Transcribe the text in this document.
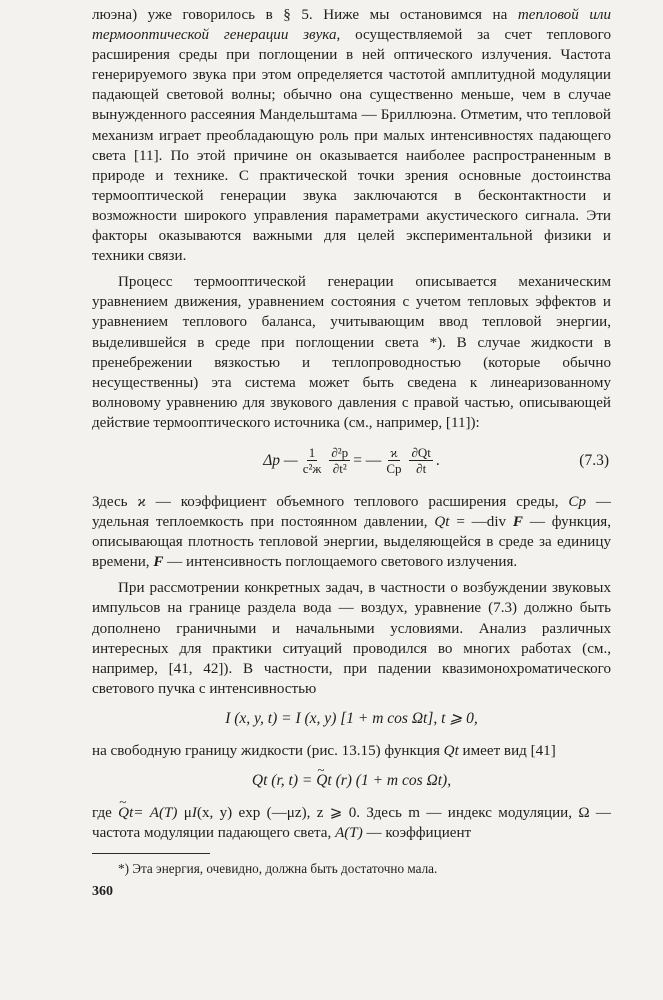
люэна) уже говорилось в § 5. Ниже мы остановимся на тепловой или термооптической генерации звука, осуществляемой за счет теплового расширения среды при поглощении в ней оптического излучения. Частота генерируемого звука при этом определяется частотой амплитудной модуляции падающей световой волны; обычно она существенно меньше, чем в случае вынужденного рассеяния Мандельштама — Бриллюэна. Отметим, что тепловой механизм играет преобладающую роль при малых интенсивностях падающего света [11]. По этой причине он оказывается наиболее распространенным в природе и технике. С практической точки зрения основные достоинства термооптической генерации звука заключаются в бесконтактности и возможности широкого управления параметрами акустического сигнала. Эти факторы оказываются важными для целей экспериментальной физики и техники связи.

Процесс термооптической генерации описывается механическим уравнением движения, уравнением состояния с учетом тепловых эффектов и уравнением теплового баланса, учитывающим ввод тепловой энергии, выделившейся в среде при поглощении света *). В случае жидкости в пренебрежении вязкостью и теплопроводностью (которые обычно несущественны) эта система может быть сведена к линеаризованному волновому уравнению для звукового давления с правой частью, описывающей действие термооптического источника (см., например, [11]):

Δp — $\frac{1}{\text{c²ж}} \frac{\text{∂²p}}{\text{∂t²}}$ = — $\frac{ϰ}{Cp} \frac{\partial Qt}{\partial t}$ .	(7.3)

Здесь ϰ — коэффициент объемного теплового расширения среды, Cp — удельная теплоемкость при постоянном давлении, Qt = —div F — функция, описывающая плотность тепловой энергии, выделяющейся в среде за единицу времени, F — интенсивность поглощаемого светового излучения.

При рассмотрении конкретных задач, в частности о возбуждении звуковых импульсов на границе раздела вода — воздух, уравнение (7.3) должно быть дополнено граничными и начальными условиями. Анализ различных интересных для практики ситуаций проводился во многих работах (см., например, [41, 42]). В частности, при падении квазимонохроматического светового пучка с интенсивностью

I (x, y, t) = I (x, y) [1 + m cos Ωt], t ⩾ 0,

на свободную границу жидкости (рис. 13.15) функция Qt имеет вид [41]

Qt (r, t) = ~ Qt (r) (1 + m cos Ωt),

где ~ Qt= A(T) μI(x, y) exp (—μz), z ⩾ 0. Здесь m — индекс модуляции, Ω — частота модуляции падающего света, A(T) — коэффициент

*) Эта энергия, очевидно, должна быть достаточно мала.
360
